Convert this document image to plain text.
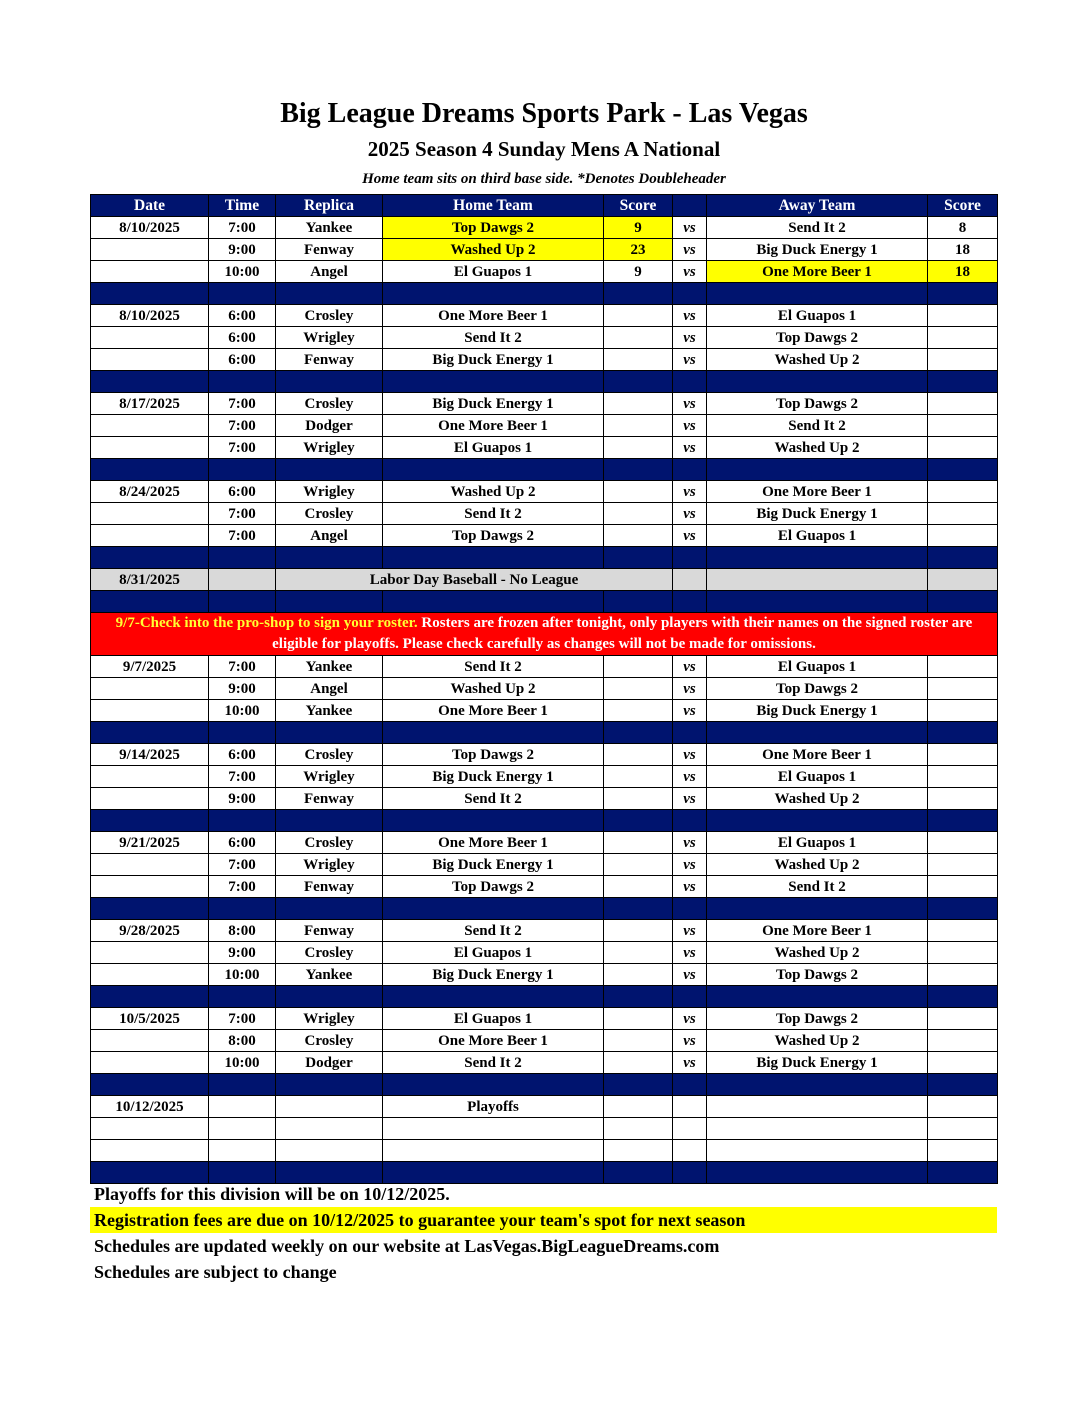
Big League Dreams Sports Park - Las Vegas
2025 Season 4 Sunday Mens A National
Home team sits on third base side. *Denotes Doubleheader
Date	Time	Replica	Home Team	Score		Away Team	Score
8/10/2025	7:00	Yankee	Top Dawgs 2	9	vs	Send It 2	8
	9:00	Fenway	Washed Up 2	23	vs	Big Duck Energy 1	18
	10:00	Angel	El Guapos 1	9	vs	One More Beer 1	18

8/10/2025	6:00	Crosley	One More Beer 1		vs	El Guapos 1	
	6:00	Wrigley	Send It 2		vs	Top Dawgs 2	
	6:00	Fenway	Big Duck Energy 1		vs	Washed Up 2	

8/17/2025	7:00	Crosley	Big Duck Energy 1		vs	Top Dawgs 2	
	7:00	Dodger	One More Beer 1		vs	Send It 2	
	7:00	Wrigley	El Guapos 1		vs	Washed Up 2	

8/24/2025	6:00	Wrigley	Washed Up 2		vs	One More Beer 1	
	7:00	Crosley	Send It 2		vs	Big Duck Energy 1	
	7:00	Angel	Top Dawgs 2		vs	El Guapos 1	

8/31/2025		Labor Day Baseball - No League					

9/7-Check into the pro-shop to sign your roster. Rosters are frozen after tonight, only players with their names on the signed roster are eligible for playoffs. Please check carefully as changes will not be made for omissions.							
9/7/2025	7:00	Yankee	Send It 2		vs	El Guapos 1	
	9:00	Angel	Washed Up 2		vs	Top Dawgs 2	
	10:00	Yankee	One More Beer 1		vs	Big Duck Energy 1	

9/14/2025	6:00	Crosley	Top Dawgs 2		vs	One More Beer 1	
	7:00	Wrigley	Big Duck Energy 1		vs	El Guapos 1	
	9:00	Fenway	Send It 2		vs	Washed Up 2	

9/21/2025	6:00	Crosley	One More Beer 1		vs	El Guapos 1	
	7:00	Wrigley	Big Duck Energy 1		vs	Washed Up 2	
	7:00	Fenway	Top Dawgs 2		vs	Send It 2	

9/28/2025	8:00	Fenway	Send It 2		vs	One More Beer 1	
	9:00	Crosley	El Guapos 1		vs	Washed Up 2	
	10:00	Yankee	Big Duck Energy 1		vs	Top Dawgs 2	

10/5/2025	7:00	Wrigley	El Guapos 1		vs	Top Dawgs 2	
	8:00	Crosley	One More Beer 1		vs	Washed Up 2	
	10:00	Dodger	Send It 2		vs	Big Duck Energy 1	

10/12/2025			Playoffs				

Playoffs for this division will be on 10/12/2025.
Registration fees are due on 10/12/2025 to guarantee your team's spot for next season
Schedules are updated weekly on our website at LasVegas.BigLeagueDreams.com
Schedules are subject to change
